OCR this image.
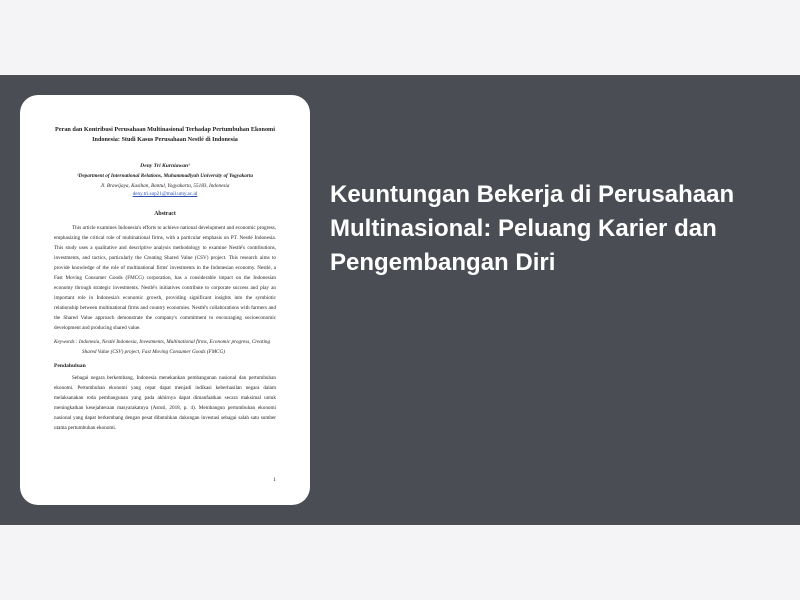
Peran dan Kontribusi Perusahaan Multinasional Terhadap Pertumbuhan Ekonomi Indonesia: Studi Kasus Perusahaan Nestlé di Indonesia

Deny Tri Kurniawan¹

¹Department of International Relations, Muhammadiyah University of Yogyakarta

Jl. Brawijaya, Kasihan, Bantul, Yogyakarta, 55183, Indonesia

deny.tri.sop21@mail.umy.ac.id

Abstract

This article examines Indonesia's efforts to achieve national development and economic progress, emphasizing the critical role of multinational firms, with a particular emphasis on PT. Nestlé Indonesia. This study uses a qualitative and descriptive analysis methodology to examine Nestlé's contributions, investments, and tactics, particularly the Creating Shared Value (CSV) project. This research aims to provide knowledge of the role of multinational firms' investments in the Indonesian economy. Nestlé, a Fast Moving Consumer Goods (FMCG) corporation, has a considerable impact on the Indonesian economy through strategic investments. Nestlé's initiatives contribute to corporate success and play an important role in Indonesia's economic growth, providing significant insights into the symbiotic relationship between multinational firms and country economies. Nestlé's collaborations with farmers and the Shared Value approach demonstrate the company's commitment to encouraging socioeconomic development and producing shared value.

Keywords : Indonesia, Nestlé Indonesia, Investments, Multinational firms, Economic progress, Creating Shared Value (CSV) project, Fast Moving Consumer Goods (FMCG)

Pendahuluan

Sebagai negara berkembang, Indonesia menekankan pembangunan nasional dan pertumbuhan ekonomi. Pertumbuhan ekonomi yang cepat dapat menjadi indikasi keberhasilan negara dalam melaksanakan roda pembangunan yang pada akhirnya dapat dimanfaatkan secara maksimal untuk meningkatkan kesejahteraan masyarakatnya (Astuti, 2018, p. 4). Membangun pertumbuhan ekonomi nasional yang dapat berkembang dengan pesat dibutuhkan dukungan investasi sebagai salah satu sumber utama pertumbuhan ekonomi.

1
Keuntungan Bekerja di Perusahaan Multinasional: Peluang Karier dan Pengembangan Diri
